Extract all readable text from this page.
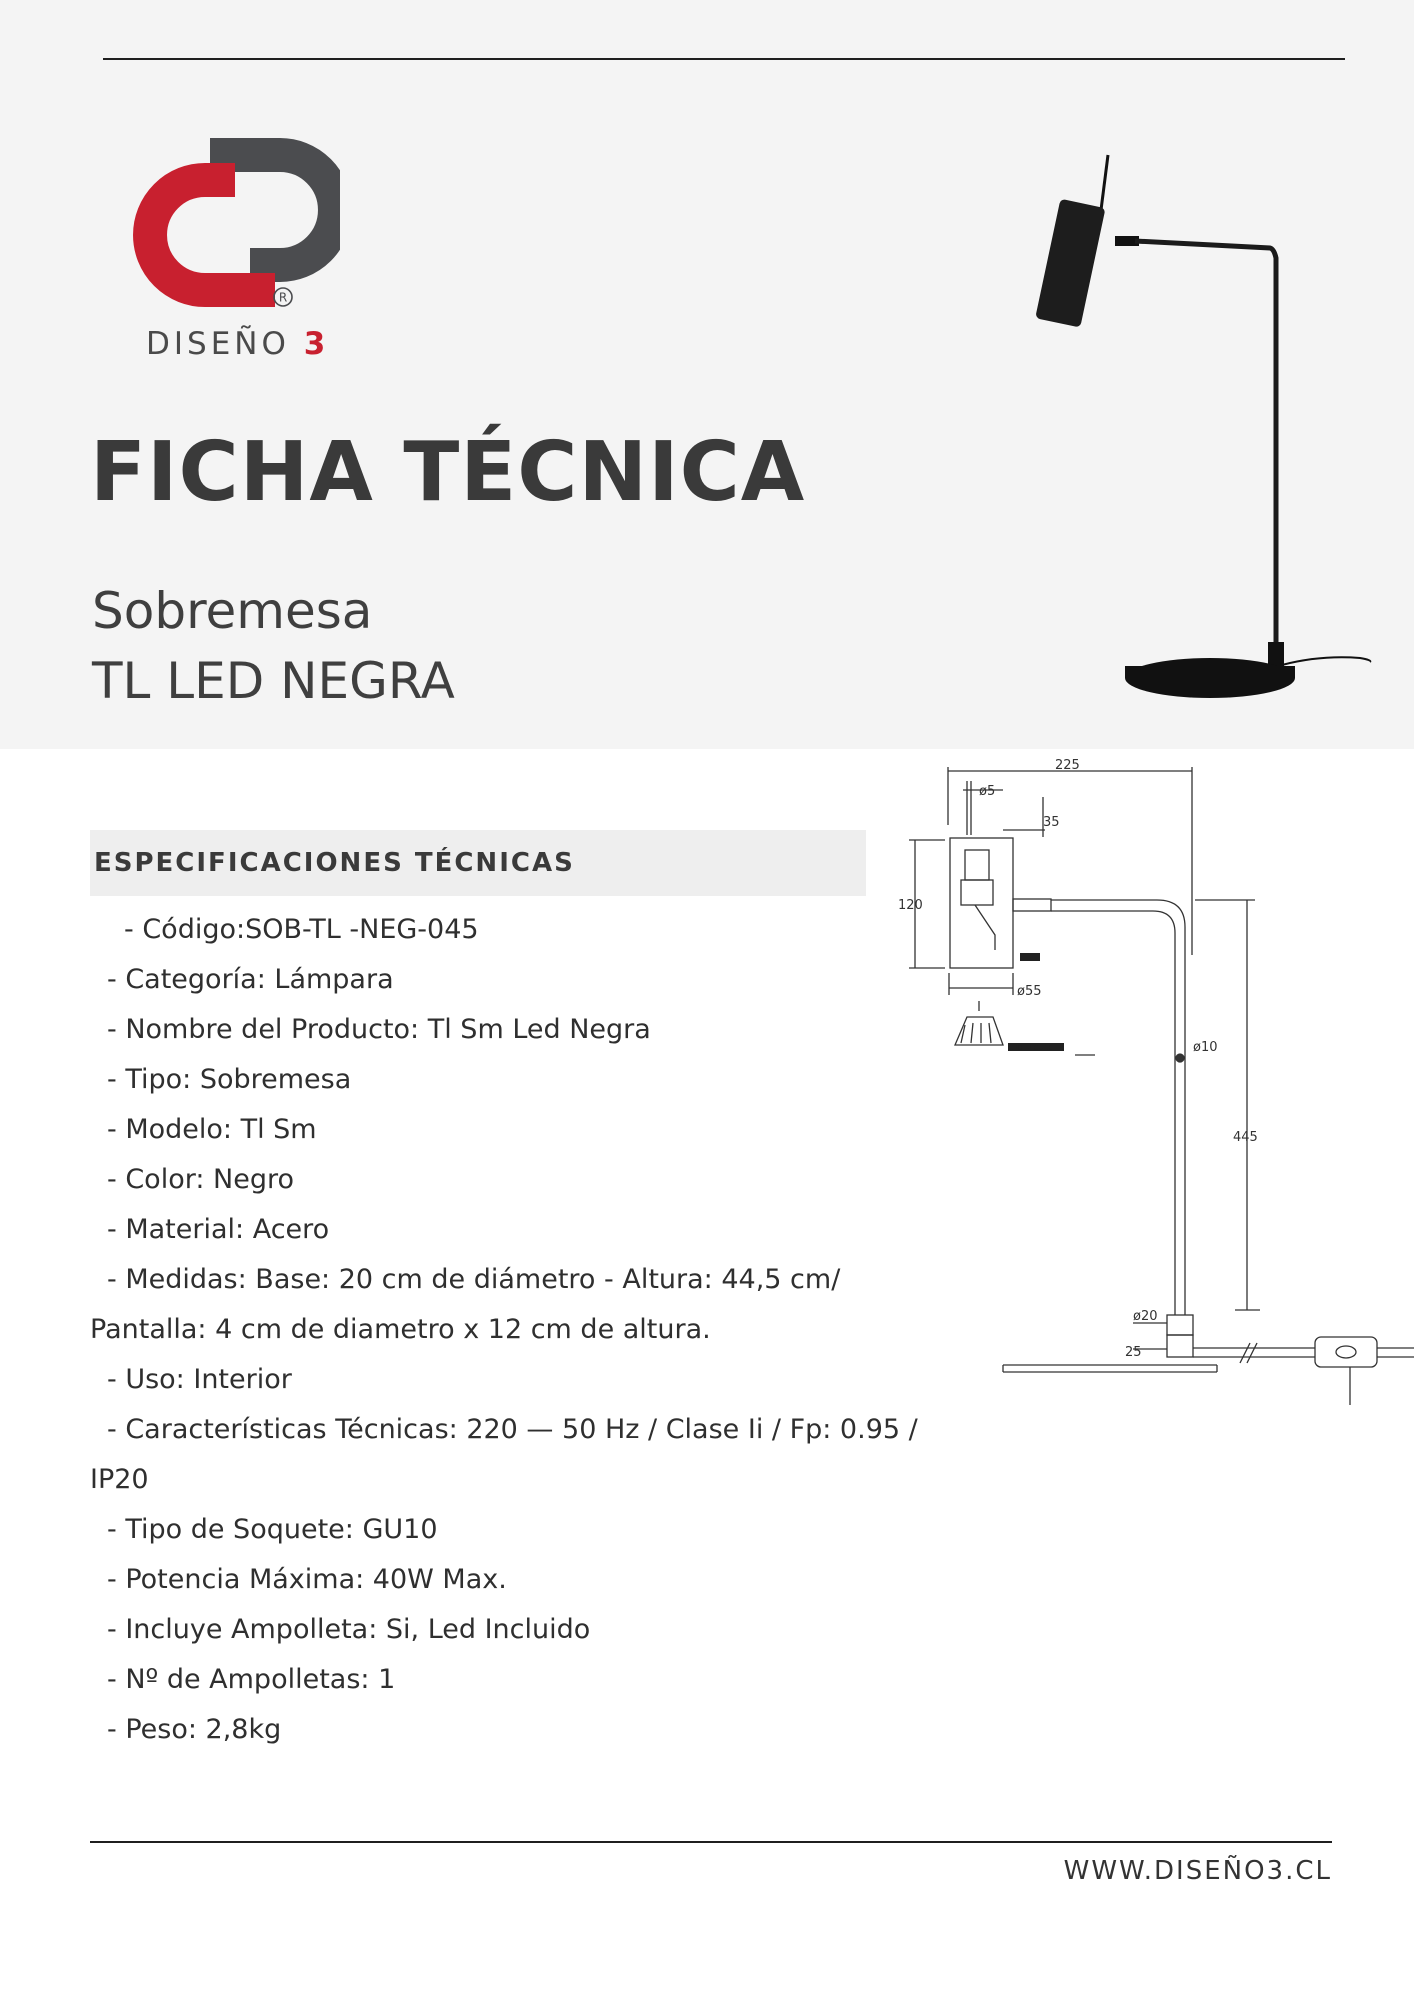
R
DISEÑO 3
FICHA TÉCNICA
Sobremesa
TL LED NEGRA
ESPECIFICACIONES TÉCNICAS
- Código:SOB-TL -NEG-045
- Categoría: Lámpara
- Nombre del Producto: Tl Sm Led Negra
- Tipo: Sobremesa
- Modelo: Tl Sm
- Color: Negro
- Material: Acero
- Medidas: Base: 20 cm de diámetro - Altura: 44,5 cm/
Pantalla: 4 cm de diametro x 12 cm de altura.
- Uso: Interior
- Características Técnicas: 220 — 50 Hz / Clase Ii / Fp: 0.95 /
IP20
- Tipo de Soquete: GU10
- Potencia Máxima: 40W Max.
- Incluye Ampolleta: Si, Led Incluido
- Nº de Ampolletas: 1
- Peso: 2,8kg
225
ø5
35
120
ø55
ø10
445
ø20
25
LED IP GU10
WWW.DISEÑO3.CL
